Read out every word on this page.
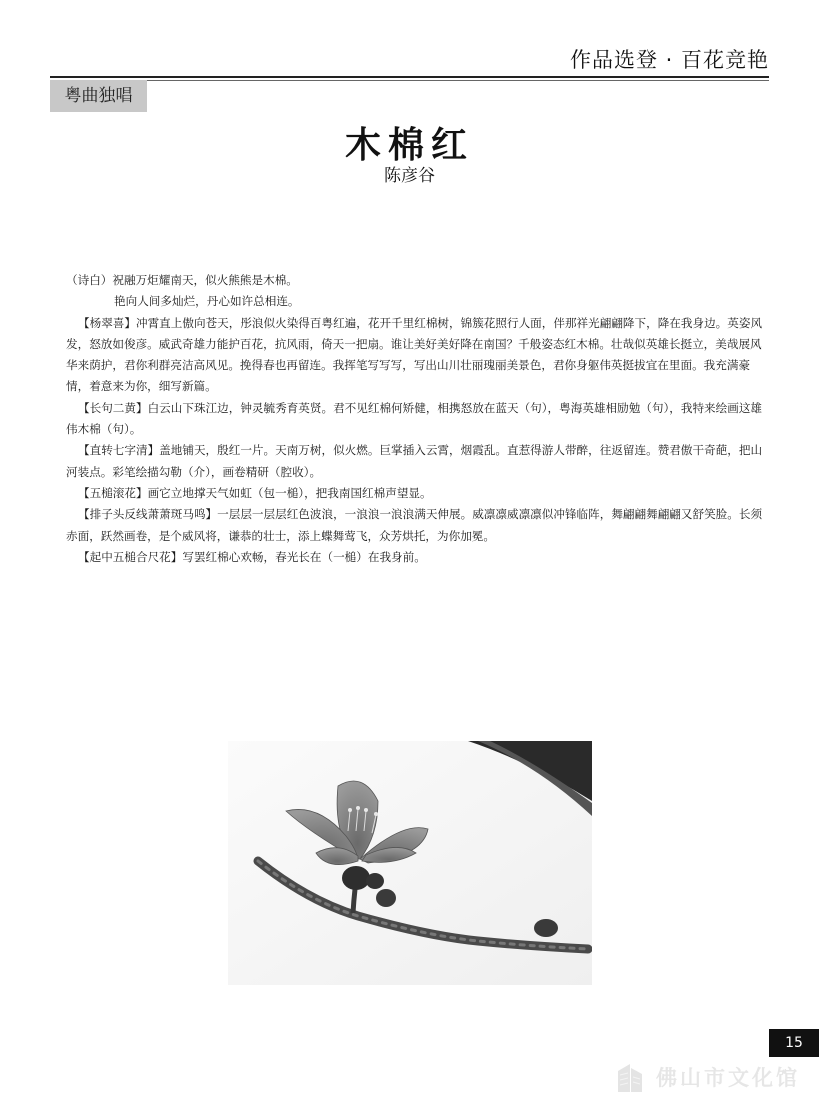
作品选登 · 百花竞艳
粤曲独唱
木棉红
陈彦谷

（诗白）祝融万炬耀南天，似火熊熊是木棉。

艳向人间多灿烂，丹心如许总相连。

【杨翠喜】冲霄直上傲向苍天，彤浪似火染得百粤红遍，花开千里红棉树，锦簇花照行人面，伴那祥光翩翩降下，降在我身边。英姿风发，怒放如俊彦。威武奇雄力能护百花，抗风雨，倚天一把扇。谁让美好美好降在南国？千般姿态红木棉。壮哉似英雄长挺立，美哉展风华来荫护，君你利群亮洁高风见。挽得春也再留连。我挥笔写写写，写出山川壮丽瑰丽美景色，君你身躯伟英挺拔宜在里面。我充满豪情，着意来为你，细写新篇。

【长句二黄】白云山下珠江边，钟灵毓秀育英贤。君不见红棉何矫健，相携怒放在蓝天（句），粤海英雄相励勉（句），我特来绘画这雄伟木棉（句）。

【直转七字清】盖地铺天，殷红一片。天南万树，似火燃。巨掌插入云霄，烟霞乱。直惹得游人带醉，往返留连。赞君傲干奇葩，把山河装点。彩笔绘描勾勒（介），画卷精研（腔收）。

【五槌滚花】画它立地撑天气如虹（包一槌），把我南国红棉声望显。

【排子头反线萧萧斑马鸣】一层层一层层红色波浪，一浪浪一浪浪满天伸展。威凛凛威凛凛似冲锋临阵，舞翩翩舞翩翩又舒笑脸。长须赤面，跃然画卷，是个威风将，谦恭的壮士，添上蝶舞莺飞，众芳烘托，为你加冕。

【起中五槌合尺花】写罢红棉心欢畅，春光长在（一槌）在我身前。

15
佛山市文化馆
